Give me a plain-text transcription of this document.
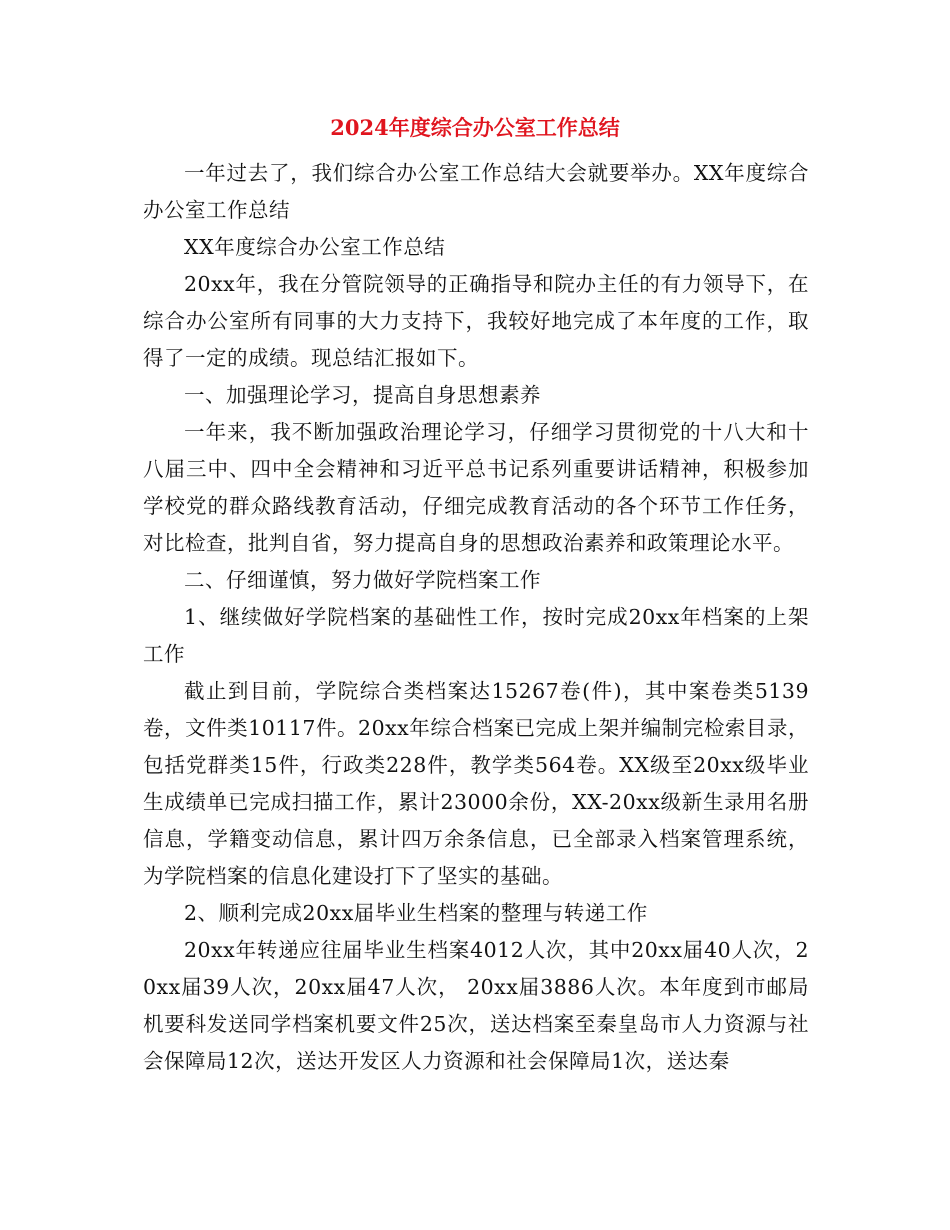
2024年度综合办公室工作总结

一年过去了，我们综合办公室工作总结大会就要举办。XX年度综合办公室工作总结

XX年度综合办公室工作总结

20xx年，我在分管院领导的正确指导和院办主任的有力领导下，在综合办公室所有同事的大力支持下，我较好地完成了本年度的工作，取得了一定的成绩。现总结汇报如下。

一、加强理论学习，提高自身思想素养

一年来，我不断加强政治理论学习，仔细学习贯彻党的十八大和十八届三中、四中全会精神和习近平总书记系列重要讲话精神，积极参加学校党的群众路线教育活动，仔细完成教育活动的各个环节工作任务，对比检查，批判自省，努力提高自身的思想政治素养和政策理论水平。

二、仔细谨慎，努力做好学院档案工作

1、继续做好学院档案的基础性工作，按时完成20xx年档案的上架工作

截止到目前，学院综合类档案达15267卷(件)，其中案卷类5139卷，文件类10117件。20xx年综合档案已完成上架并编制完检索目录，包括党群类15件，行政类228件，教学类564卷。XX级至20xx级毕业生成绩单已完成扫描工作，累计23000余份，XX-20xx级新生录用名册信息，学籍变动信息，累计四万余条信息，已全部录入档案管理系统，为学院档案的信息化建设打下了坚实的基础。

2、顺利完成20xx届毕业生档案的整理与转递工作

20xx年转递应往届毕业生档案4012人次，其中20xx届40人次，20xx届39人次，20xx届47人次， 20xx届3886人次。本年度到市邮局机要科发送同学档案机要文件25次，送达档案至秦皇岛市人力资源与社会保障局12次，送达开发区人力资源和社会保障局1次，送达秦
